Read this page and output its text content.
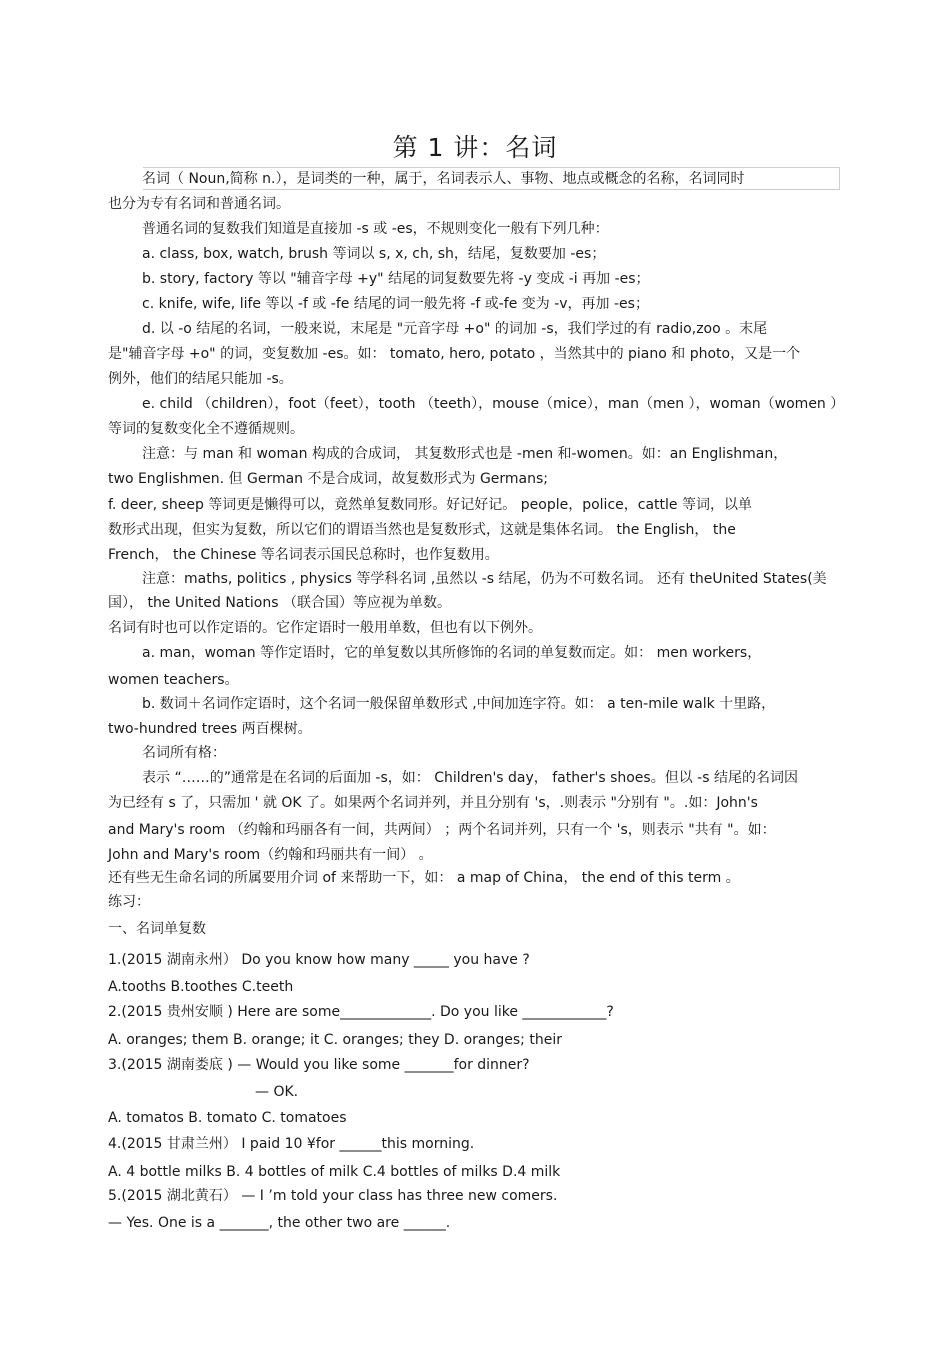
第 1 讲：名词
名词（ Noun,简称 n.），是词类的一种，属于，名词表示人、事物、地点或概念的名称，名词同时
也分为专有名词和普通名词。
普通名词的复数我们知道是直接加 -s 或 -es，不规则变化一般有下列几种：
a. class, box, watch, brush 等词以 s, x, ch, sh，结尾，复数要加 -es；
b. story, factory 等以 "辅音字母 +y" 结尾的词复数要先将 -y 变成 -i 再加 -es；
c. knife, wife, life 等以 -f 或 -fe 结尾的词一般先将 -f 或-fe 变为 -v，再加 -es；
d. 以 -o 结尾的名词，一般来说，末尾是 "元音字母 +o" 的词加 -s，我们学过的有 radio,zoo 。末尾
是"辅音字母 +o" 的词，变复数加 -es。如： tomato, hero, potato ，当然其中的 piano 和 photo，又是一个
例外，他们的结尾只能加 -s。
e. child （children），foot（feet），tooth （teeth），mouse（mice），man（men ），woman（women ）
等词的复数变化全不遵循规则。
注意：与 man 和 woman 构成的合成词， 其复数形式也是 -men 和-women。如：an Englishman，
two Englishmen. 但 German 不是合成词，故复数形式为 Germans;
f. deer, sheep 等词更是懒得可以，竟然单复数同形。好记好记。 people，police，cattle 等词，以单
数形式出现，但实为复数，所以它们的谓语当然也是复数形式，这就是集体名词。 the English， the
French， the Chinese 等名词表示国民总称时，也作复数用。
注意：maths, politics , physics 等学科名词 ,虽然以 -s 结尾，仍为不可数名词。 还有 theUnited States(美
国）， the United Nations （联合国）等应视为单数。
名词有时也可以作定语的。它作定语时一般用单数，但也有以下例外。
a. man，woman 等作定语时，它的单复数以其所修饰的名词的单复数而定。如： men workers，
women teachers。
b. 数词＋名词作定语时，这个名词一般保留单数形式 ,中间加连字符。如： a ten-mile walk 十里路，
two-hundred trees 两百棵树。
名词所有格：
表示 “……的”通常是在名词的后面加 -s，如： Children's day， father's shoes。但以 -s 结尾的名词因
为已经有 s 了，只需加 ' 就 OK 了。如果两个名词并列，并且分别有 's，.则表示 "分别有 "。.如：John's
and Mary's room （约翰和玛丽各有一间，共两间） ；两个名词并列，只有一个 's，则表示 "共有 "。如：
John and Mary's room（约翰和玛丽共有一间） 。
还有些无生命名词的所属要用介词 of 来帮助一下，如： a map of China， the end of this term 。
练习：
一、名词单复数
1.(2015 湖南永州） Do you know how many _____ you have ?
A.tooths B.toothes C.teeth
2.(2015 贵州安顺 ) Here are some_____________. Do you like ____________?
A. oranges; them B. orange; it C. oranges; they D. oranges; their
3.(2015 湖南娄底 ) — Would you like some _______for dinner?
— OK.
A. tomatos B. tomato C. tomatoes
4.(2015 甘肃兰州） I paid 10 ¥for ______this morning.
A. 4 bottle milks B. 4 bottles of milk C.4 bottles of milks D.4 milk
5.(2015 湖北黄石） — I ’m told your class has three new comers.
— Yes. One is a _______, the other two are ______.
